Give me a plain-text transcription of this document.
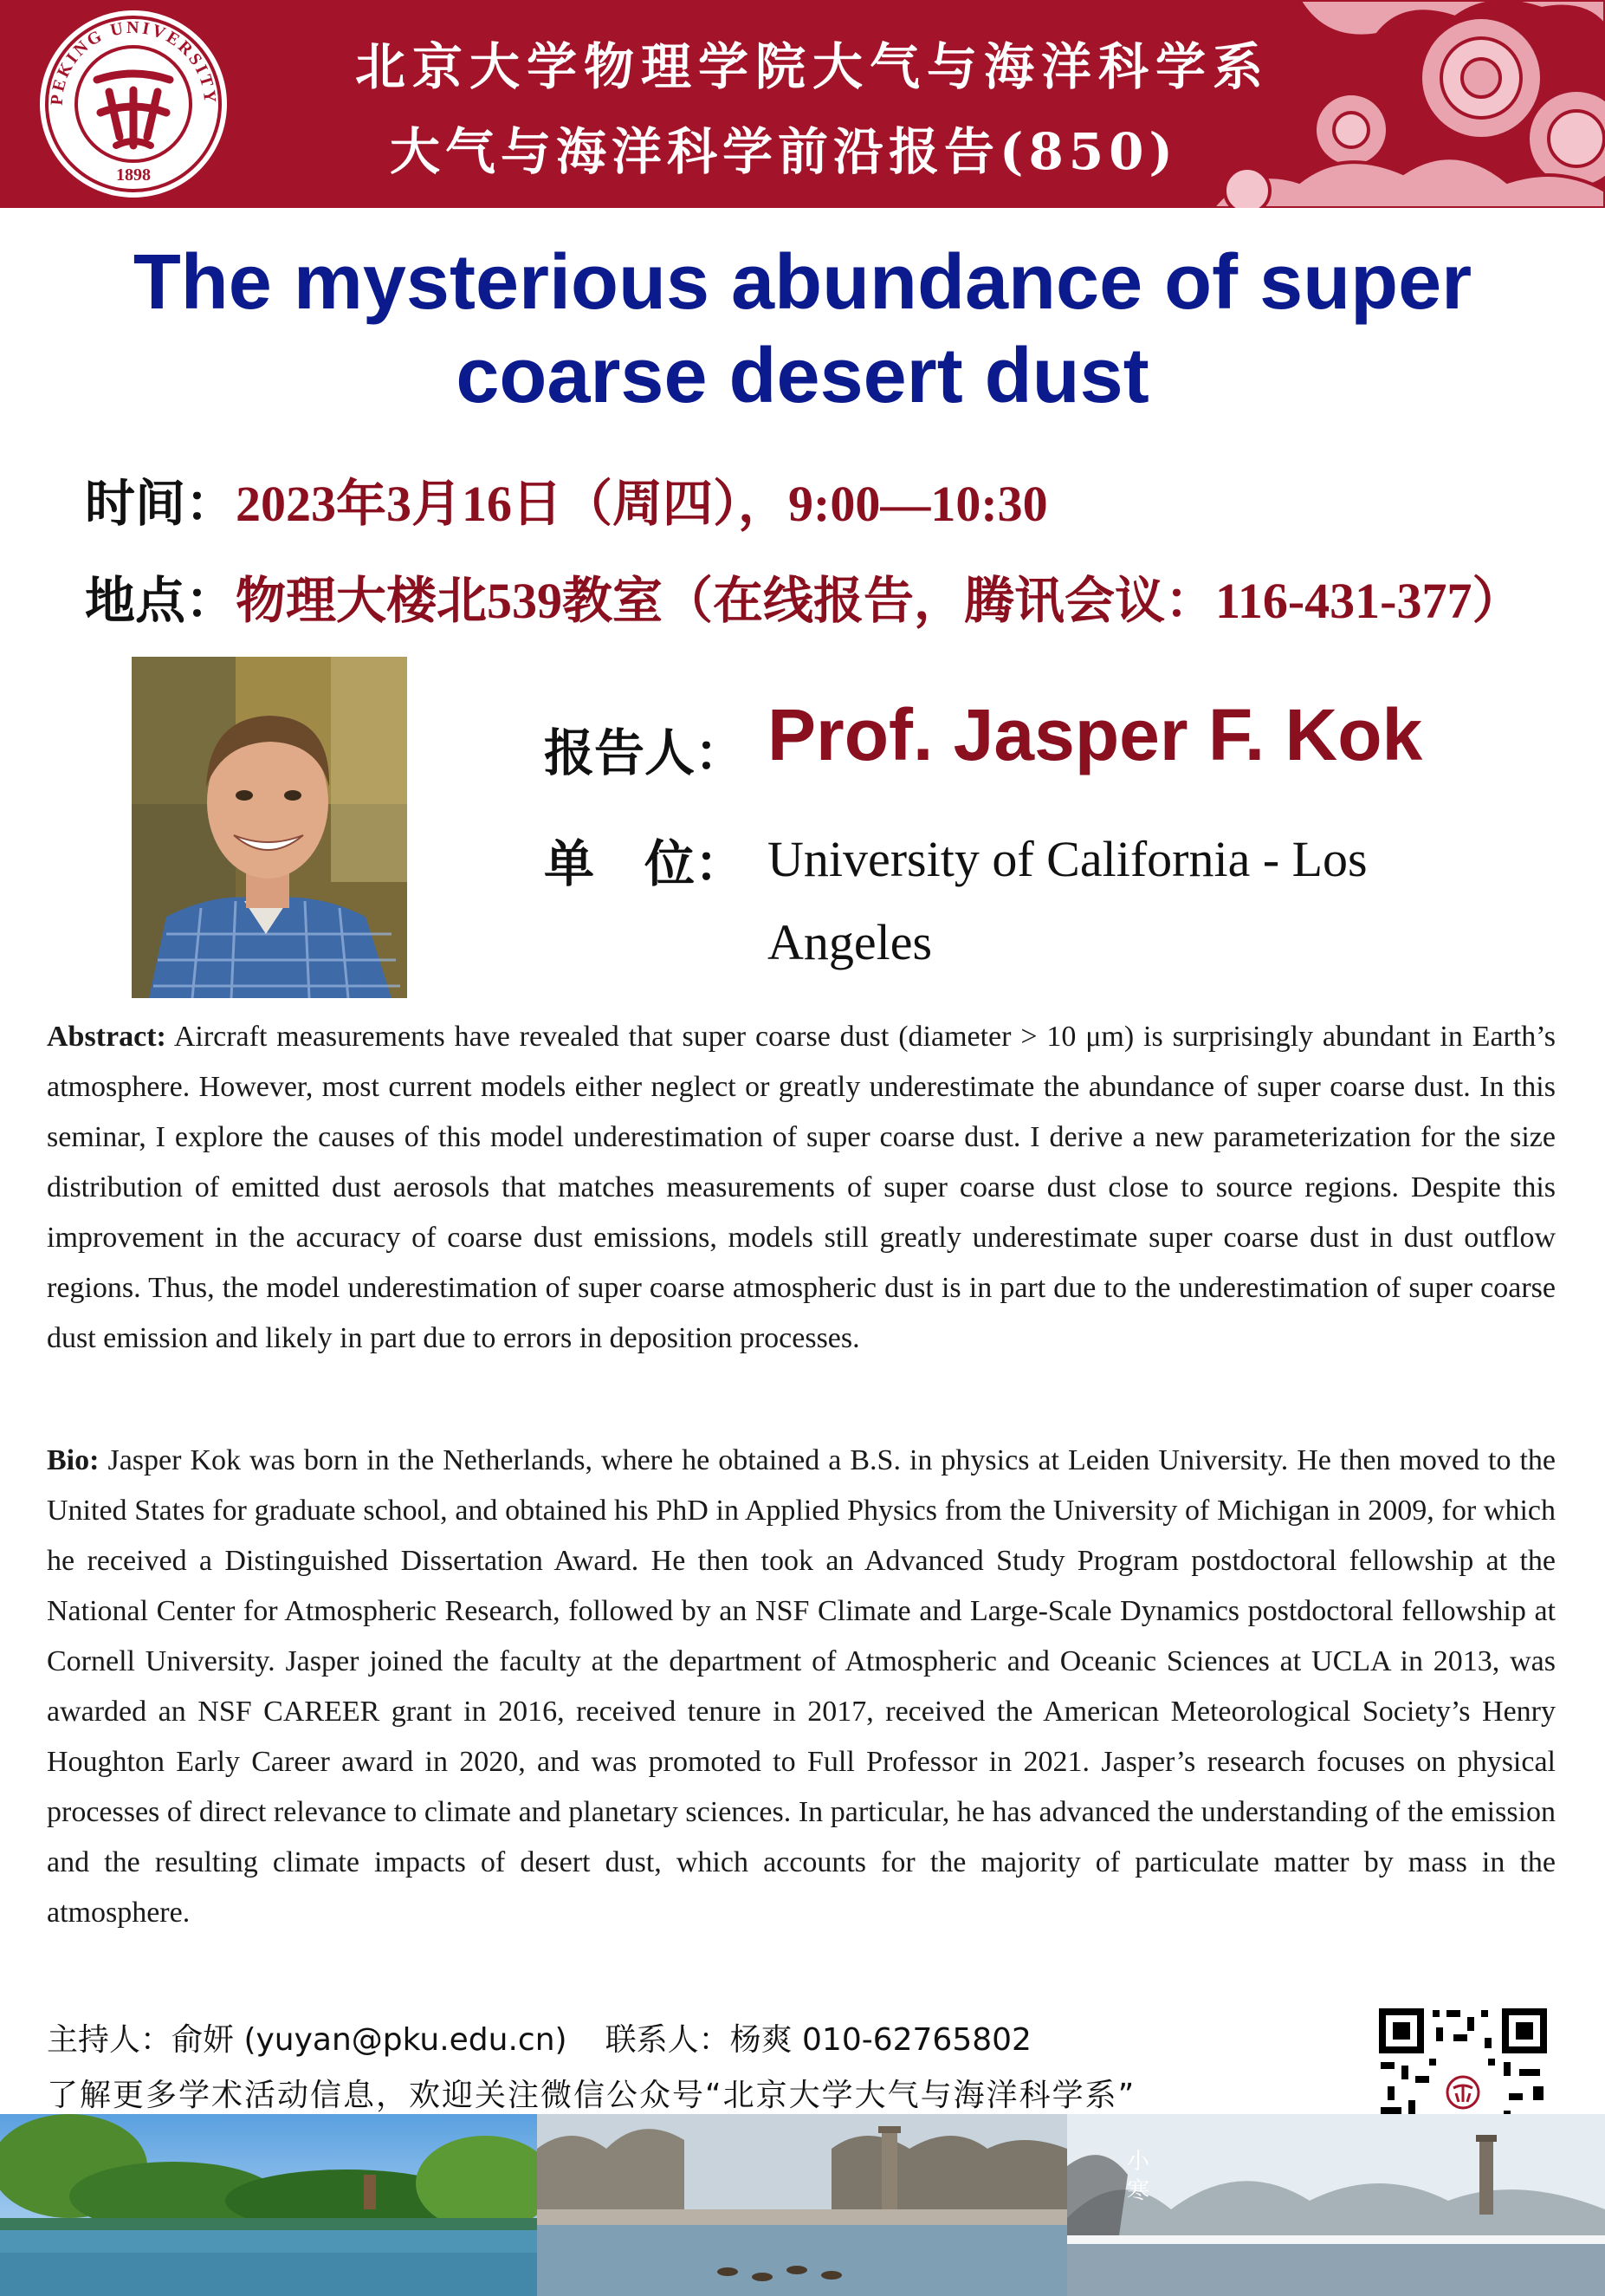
PEKING UNIVERSITY
1898
北京大学物理学院大气与海洋科学系
大气与海洋科学前沿报告(850)
The mysterious abundance of super coarse desert dust
时间：2023年3月16日（周四），9:00—10:30
地点：物理大楼北539教室（在线报告，腾讯会议：116-431-377）
报告人： Prof. Jasper F. Kok
单　位： University of California - Los Angeles
Abstract: Aircraft measurements have revealed that super coarse dust (diameter > 10 μm) is surprisingly abundant in Earth’s atmosphere. However, most current models either neglect or greatly underestimate the abundance of super coarse dust. In this seminar, I explore the causes of this model underestimation of super coarse dust. I derive a new parameterization for the size distribution of emitted dust aerosols that matches measurements of super coarse dust close to source regions. Despite this improvement in the accuracy of coarse dust emissions, models still greatly underestimate super coarse dust in dust outflow regions. Thus, the model underestimation of super coarse atmospheric dust is in part due to the underestimation of super coarse dust emission and likely in part due to errors in deposition processes.
Bio: Jasper Kok was born in the Netherlands, where he obtained a B.S. in physics at Leiden University. He then moved to the United States for graduate school, and obtained his PhD in Applied Physics from the University of Michigan in 2009, for which he received a Distinguished Dissertation Award. He then took an Advanced Study Program postdoctoral fellowship at the National Center for Atmospheric Research, followed by an NSF Climate and Large-Scale Dynamics postdoctoral fellowship at Cornell University. Jasper joined the faculty at the department of Atmospheric and Oceanic Sciences at UCLA in 2013, was awarded an NSF CAREER grant in 2016, received tenure in 2017, received the American Meteorological Society’s Henry Houghton Early Career award in 2020, and was promoted to Full Professor in 2021. Jasper’s research focuses on physical processes of direct relevance to climate and planetary sciences. In particular, he has advanced the understanding of the emission and the resulting climate impacts of desert dust, which accounts for the majority of particulate matter by mass in the atmosphere.
主持人：俞妍 (yuyan@pku.edu.cn) 联系人：杨爽 010-62765802
了解更多学术活动信息，欢迎关注微信公众号“北京大学大气与海洋科学系”
小
寒
